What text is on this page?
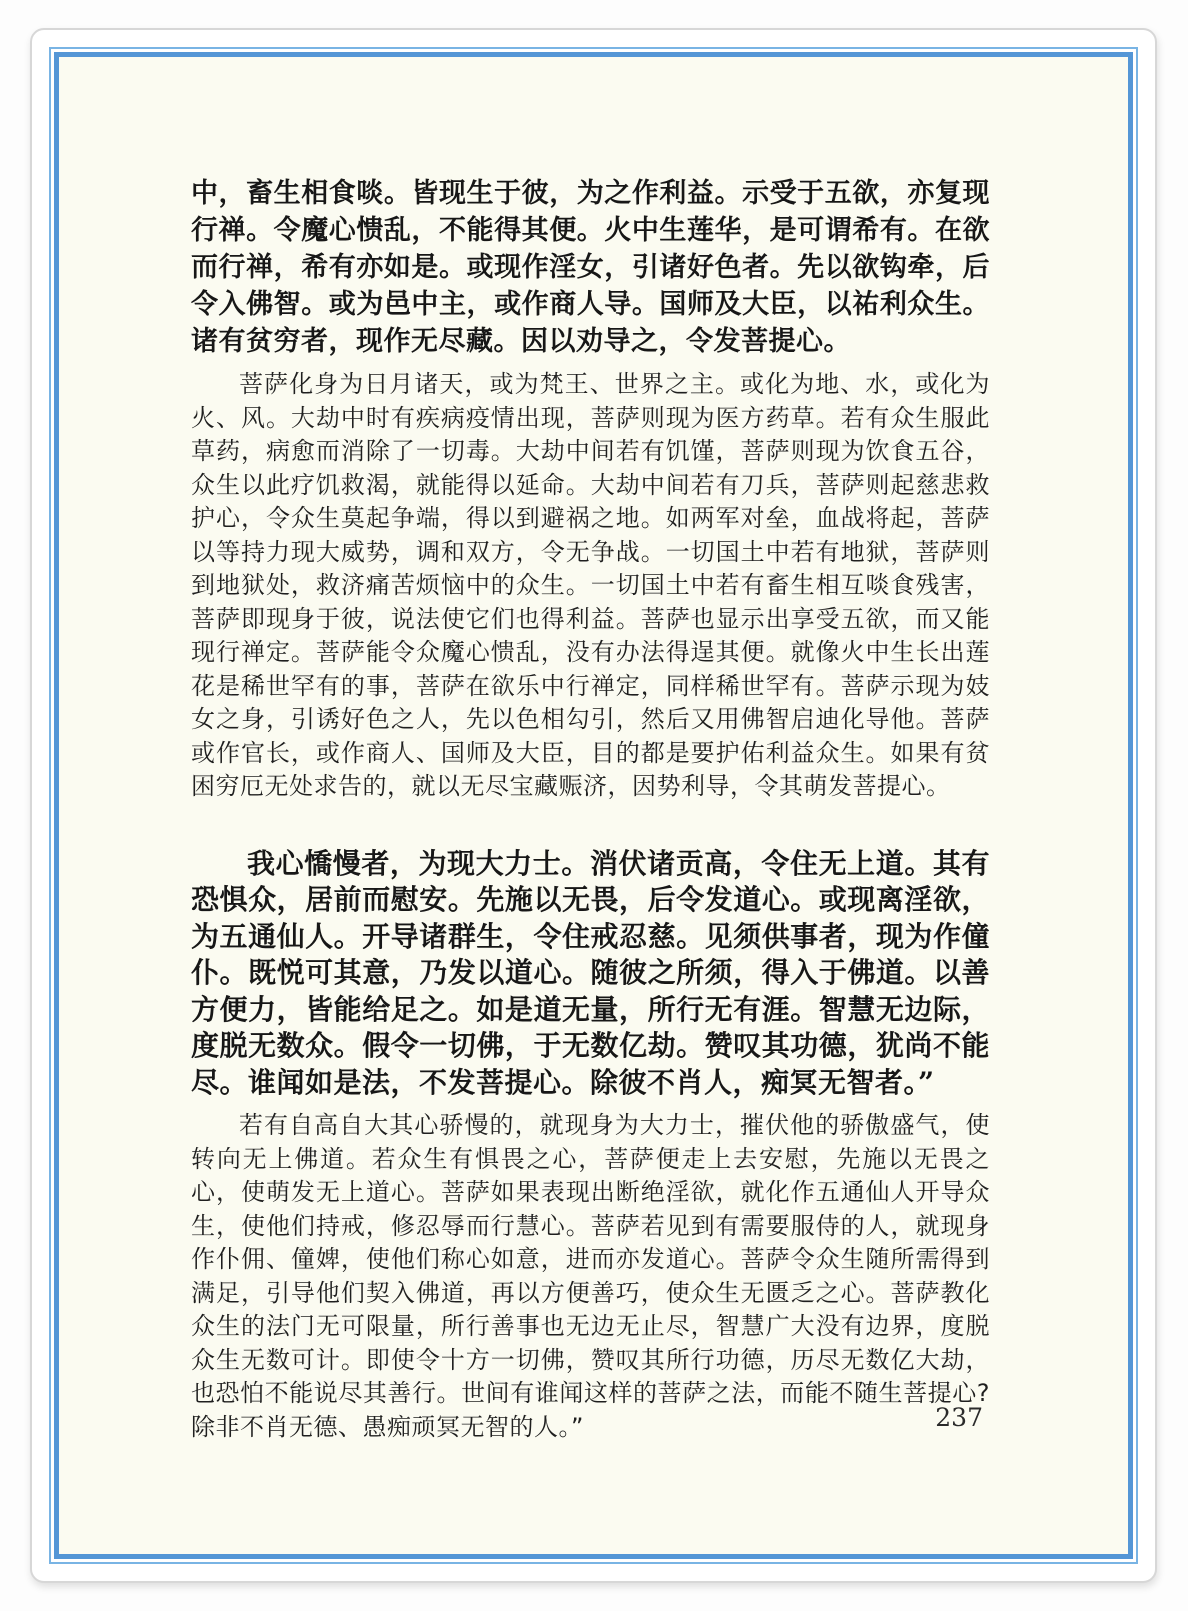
中，畜生相食啖。皆现生于彼，为之作利益。示受于五欲，亦复现行禅。令魔心愦乱，不能得其便。火中生莲华，是可谓希有。在欲而行禅，希有亦如是。或现作淫女，引诸好色者。先以欲钩牵，后令入佛智。或为邑中主，或作商人导。国师及大臣，以祐利众生。诸有贫穷者，现作无尽藏。因以劝导之，令发菩提心。

菩萨化身为日月诸天，或为梵王、世界之主。或化为地、水，或化为火、风。大劫中时有疾病疫情出现，菩萨则现为医方药草。若有众生服此草药，病愈而消除了一切毒。大劫中间若有饥馑，菩萨则现为饮食五谷，众生以此疗饥救渴，就能得以延命。大劫中间若有刀兵，菩萨则起慈悲救护心，令众生莫起争端，得以到避祸之地。如两军对垒，血战将起，菩萨以等持力现大威势，调和双方，令无争战。一切国土中若有地狱，菩萨则到地狱处，救济痛苦烦恼中的众生。一切国土中若有畜生相互啖食残害，菩萨即现身于彼，说法使它们也得利益。菩萨也显示出享受五欲，而又能现行禅定。菩萨能令众魔心愦乱，没有办法得逞其便。就像火中生长出莲花是稀世罕有的事，菩萨在欲乐中行禅定，同样稀世罕有。菩萨示现为妓女之身，引诱好色之人，先以色相勾引，然后又用佛智启迪化导他。菩萨或作官长，或作商人、国师及大臣，目的都是要护佑利益众生。如果有贫困穷厄无处求告的，就以无尽宝藏赈济，因势利导，令其萌发菩提心。

我心憍慢者，为现大力士。消伏诸贡高，令住无上道。其有恐惧众，居前而慰安。先施以无畏，后令发道心。或现离淫欲，为五通仙人。开导诸群生，令住戒忍慈。见须供事者，现为作僮仆。既悦可其意，乃发以道心。随彼之所须，得入于佛道。以善方便力，皆能给足之。如是道无量，所行无有涯。智慧无边际，度脱无数众。假令一切佛，于无数亿劫。赞叹其功德，犹尚不能尽。谁闻如是法，不发菩提心。除彼不肖人，痴冥无智者。”

若有自高自大其心骄慢的，就现身为大力士，摧伏他的骄傲盛气，使转向无上佛道。若众生有惧畏之心，菩萨便走上去安慰，先施以无畏之心，使萌发无上道心。菩萨如果表现出断绝淫欲，就化作五通仙人开导众生，使他们持戒，修忍辱而行慧心。菩萨若见到有需要服侍的人，就现身作仆佣、僮婢，使他们称心如意，进而亦发道心。菩萨令众生随所需得到满足，引导他们契入佛道，再以方便善巧，使众生无匮乏之心。菩萨教化众生的法门无可限量，所行善事也无边无止尽，智慧广大没有边界，度脱众生无数可计。即使令十方一切佛，赞叹其所行功德，历尽无数亿大劫，也恐怕不能说尽其善行。世间有谁闻这样的菩萨之法，而能不随生菩提心? 除非不肖无德、愚痴顽冥无智的人。”	237
